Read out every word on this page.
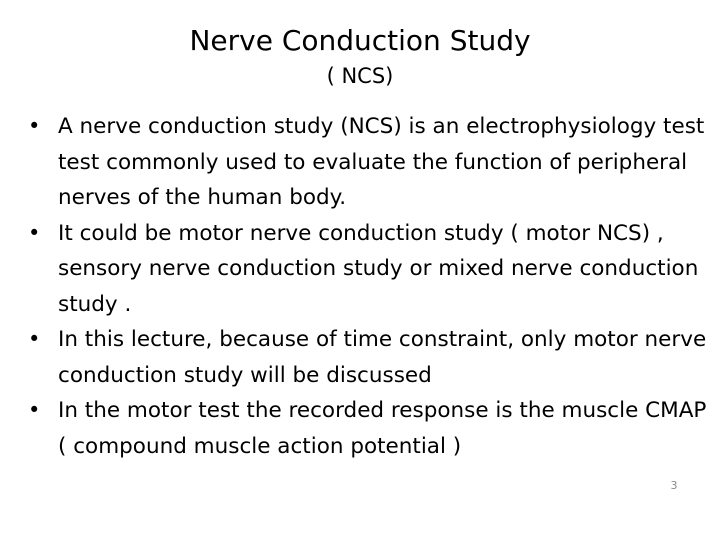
Nerve Conduction Study
( NCS)
• A nerve conduction study (NCS) is an electrophysiology test test commonly used to evaluate the function of peripheral nerves of the human body.
• It could be motor nerve conduction study ( motor NCS) , sensory nerve conduction study or mixed nerve conduction study .
• In this lecture, because of time constraint, only motor nerve conduction study will be discussed
• In the motor test the recorded response is the muscle CMAP ( compound muscle action potential )
3
